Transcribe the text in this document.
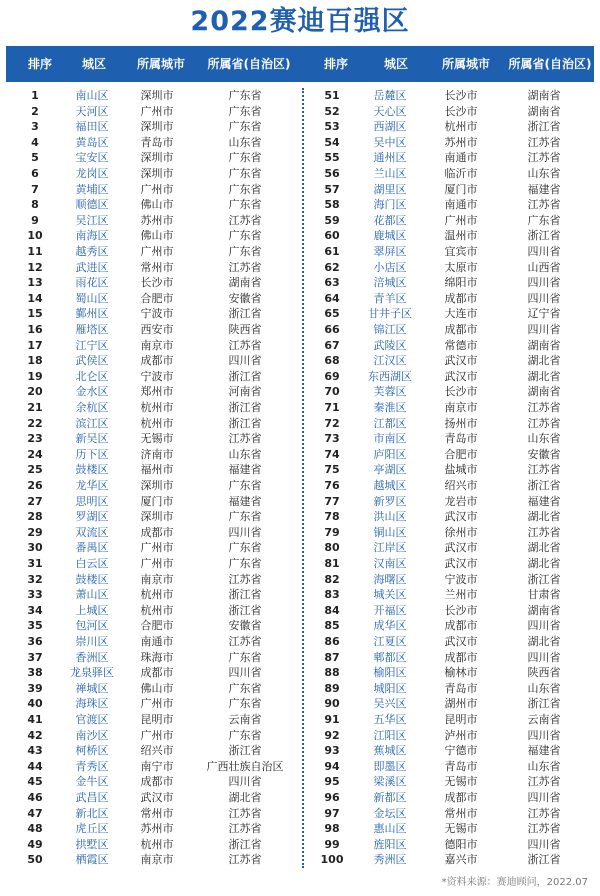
2022赛迪百强区
排序	城区	所属城市	所属省(自治区)	排序	城区	所属城市	所属省(自治区)
1	南山区	深圳市	广东省
2	天河区	广州市	广东省
3	福田区	深圳市	广东省
4	黄岛区	青岛市	山东省
5	宝安区	深圳市	广东省
6	龙岗区	深圳市	广东省
7	黄埔区	广州市	广东省
8	顺德区	佛山市	广东省
9	吴江区	苏州市	江苏省
10	南海区	佛山市	广东省
11	越秀区	广州市	广东省
12	武进区	常州市	江苏省
13	雨花区	长沙市	湖南省
14	蜀山区	合肥市	安徽省
15	鄞州区	宁波市	浙江省
16	雁塔区	西安市	陕西省
17	江宁区	南京市	江苏省
18	武侯区	成都市	四川省
19	北仑区	宁波市	浙江省
20	金水区	郑州市	河南省
21	余杭区	杭州市	浙江省
22	滨江区	杭州市	浙江省
23	新吴区	无锡市	江苏省
24	历下区	济南市	山东省
25	鼓楼区	福州市	福建省
26	龙华区	深圳市	广东省
27	思明区	厦门市	福建省
28	罗湖区	深圳市	广东省
29	双流区	成都市	四川省
30	番禺区	广州市	广东省
31	白云区	广州市	广东省
32	鼓楼区	南京市	江苏省
33	萧山区	杭州市	浙江省
34	上城区	杭州市	浙江省
35	包河区	合肥市	安徽省
36	崇川区	南通市	江苏省
37	香洲区	珠海市	广东省
38	龙泉驿区	成都市	四川省
39	禅城区	佛山市	广东省
40	海珠区	广州市	广东省
41	官渡区	昆明市	云南省
42	南沙区	广州市	广东省
43	柯桥区	绍兴市	浙江省
44	青秀区	南宁市	广西壮族自治区
45	金牛区	成都市	四川省
46	武昌区	武汉市	湖北省
47	新北区	常州市	江苏省
48	虎丘区	苏州市	江苏省
49	拱墅区	杭州市	浙江省
50	栖霞区	南京市	江苏省
51	岳麓区	长沙市	湖南省
52	天心区	长沙市	湖南省
53	西湖区	杭州市	浙江省
54	吴中区	苏州市	江苏省
55	通州区	南通市	江苏省
56	兰山区	临沂市	山东省
57	湖里区	厦门市	福建省
58	海门区	南通市	江苏省
59	花都区	广州市	广东省
60	鹿城区	温州市	浙江省
61	翠屏区	宜宾市	四川省
62	小店区	太原市	山西省
63	涪城区	绵阳市	四川省
64	青羊区	成都市	四川省
65	甘井子区	大连市	辽宁省
66	锦江区	成都市	四川省
67	武陵区	常德市	湖南省
68	江汉区	武汉市	湖北省
69	东西湖区	武汉市	湖北省
70	芙蓉区	长沙市	湖南省
71	秦淮区	南京市	江苏省
72	江都区	扬州市	江苏省
73	市南区	青岛市	山东省
74	庐阳区	合肥市	安徽省
75	亭湖区	盐城市	江苏省
76	越城区	绍兴市	浙江省
77	新罗区	龙岩市	福建省
78	洪山区	武汉市	湖北省
79	铜山区	徐州市	江苏省
80	江岸区	武汉市	湖北省
81	汉南区	武汉市	湖北省
82	海曙区	宁波市	浙江省
83	城关区	兰州市	甘肃省
84	开福区	长沙市	湖南省
85	成华区	成都市	四川省
86	江夏区	武汉市	湖北省
87	郫都区	成都市	四川省
88	榆阳区	榆林市	陕西省
89	城阳区	青岛市	山东省
90	吴兴区	湖州市	浙江省
91	五华区	昆明市	云南省
92	江阳区	泸州市	四川省
93	蕉城区	宁德市	福建省
94	即墨区	青岛市	山东省
95	梁溪区	无锡市	江苏省
96	新都区	成都市	四川省
97	金坛区	常州市	江苏省
98	惠山区	无锡市	江苏省
99	旌阳区	德阳市	四川省
100	秀洲区	嘉兴市	浙江省
*资料来源：赛迪顾问，2022.07
